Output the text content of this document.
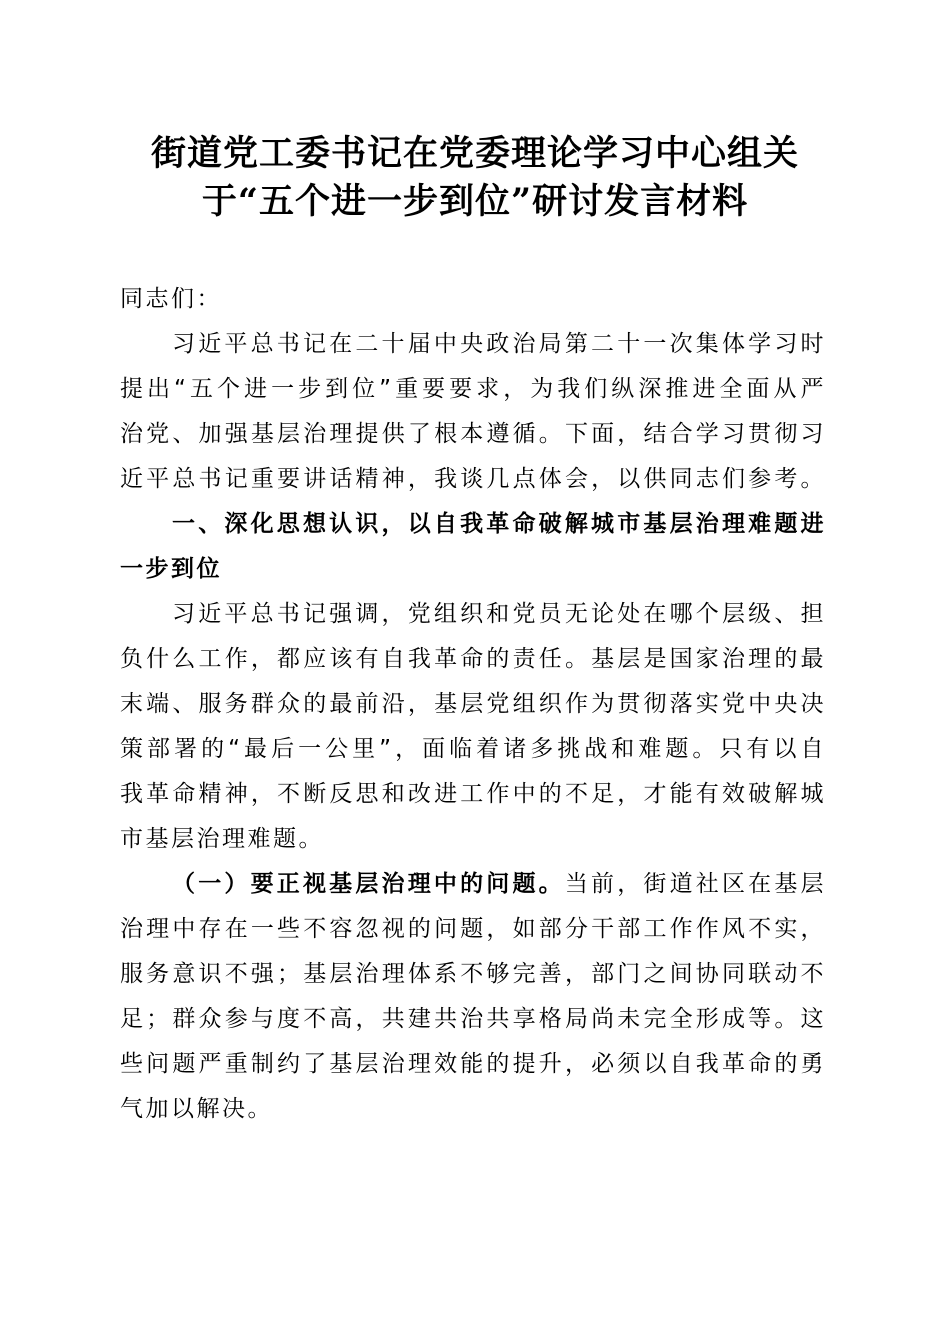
街道党工委书记在党委理论学习中心组关
于“五个进一步到位”研讨发言材料
同志们：
习近平总书记在二十届中央政治局第二十一次集体学习时
提出“五个进一步到位”重要要求，为我们纵深推进全面从严
治党、加强基层治理提供了根本遵循。下面，结合学习贯彻习
近平总书记重要讲话精神，我谈几点体会，以供同志们参考。
一、深化思想认识，以自我革命破解城市基层治理难题进
一步到位
习近平总书记强调，党组织和党员无论处在哪个层级、担
负什么工作，都应该有自我革命的责任。基层是国家治理的最
末端、服务群众的最前沿，基层党组织作为贯彻落实党中央决
策部署的“最后一公里”，面临着诸多挑战和难题。只有以自
我革命精神，不断反思和改进工作中的不足，才能有效破解城
市基层治理难题。
（一）要正视基层治理中的问题。当前，街道社区在基层
治理中存在一些不容忽视的问题，如部分干部工作作风不实，
服务意识不强；基层治理体系不够完善，部门之间协同联动不
足；群众参与度不高，共建共治共享格局尚未完全形成等。这
些问题严重制约了基层治理效能的提升，必须以自我革命的勇
气加以解决。
